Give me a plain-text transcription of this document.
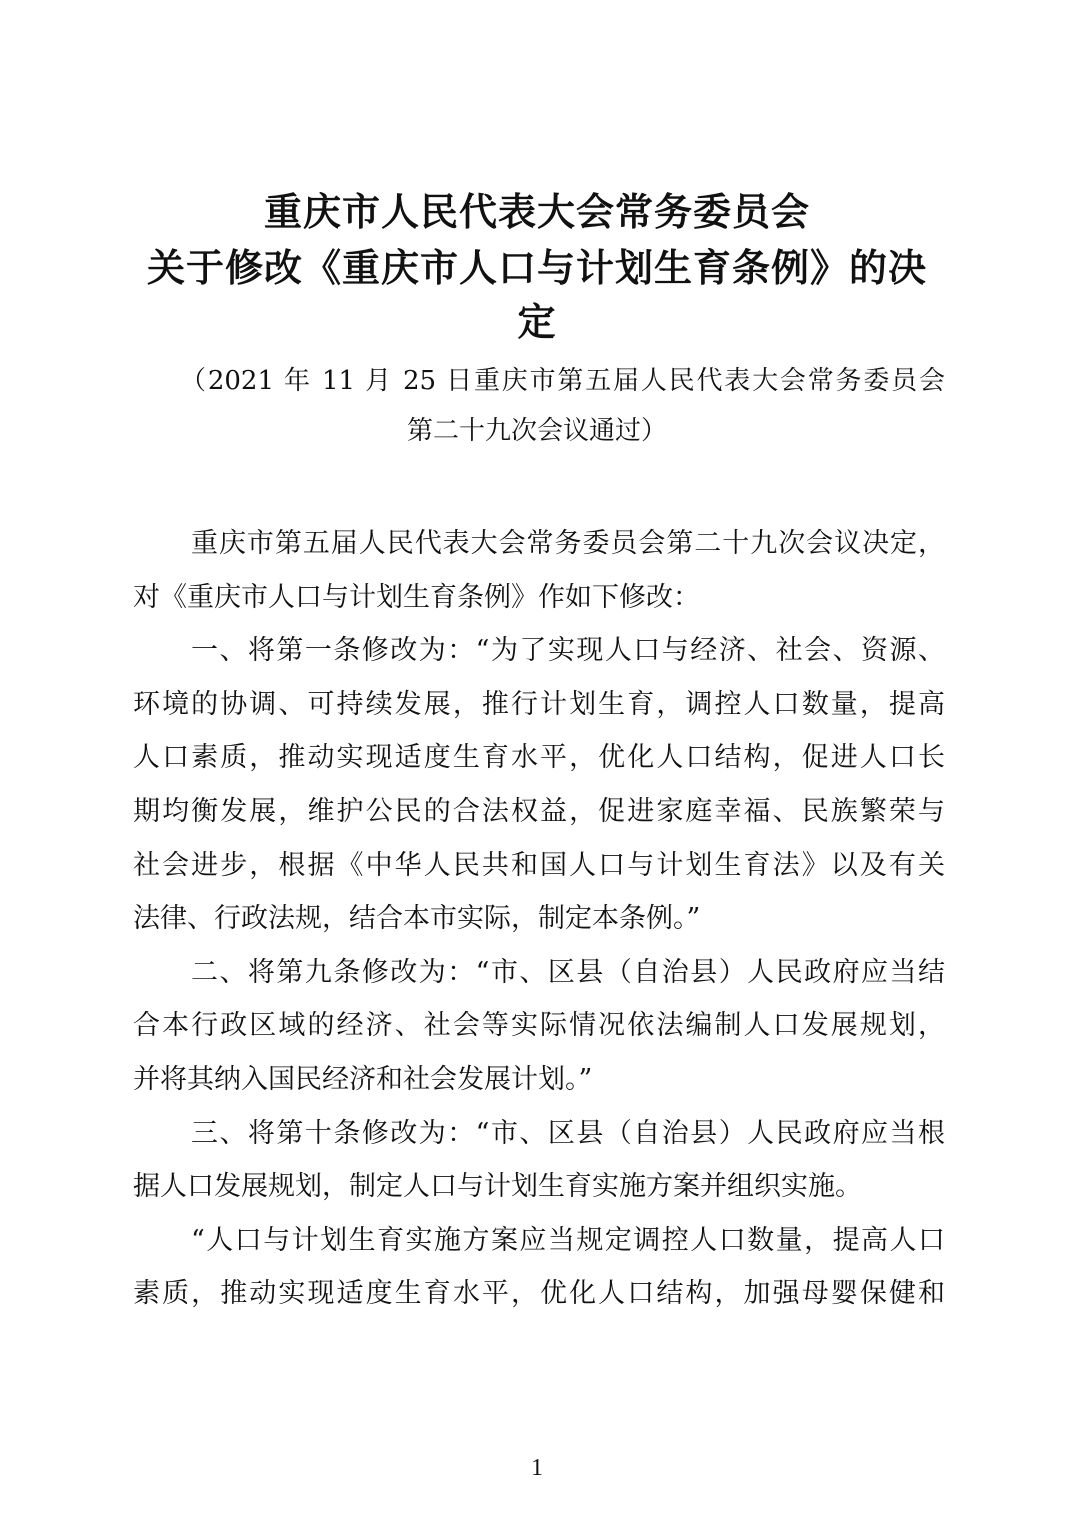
重庆市人民代表大会常务委员会
关于修改《重庆市人口与计划生育条例》的决
定
（2021 年 11 月 25 日重庆市第五届人民代表大会常务委员会
第二十九次会议通过）
重庆市第五届人民代表大会常务委员会第二十九次会议决定，
对《重庆市人口与计划生育条例》作如下修改：
一、将第一条修改为：“为了实现人口与经济、社会、资源、
环境的协调、可持续发展，推行计划生育，调控人口数量，提高
人口素质，推动实现适度生育水平，优化人口结构，促进人口长
期均衡发展，维护公民的合法权益，促进家庭幸福、民族繁荣与
社会进步，根据《中华人民共和国人口与计划生育法》以及有关
法律、行政法规，结合本市实际，制定本条例。”
二、将第九条修改为：“市、区县（自治县）人民政府应当结
合本行政区域的经济、社会等实际情况依法编制人口发展规划，
并将其纳入国民经济和社会发展计划。”
三、将第十条修改为：“市、区县（自治县）人民政府应当根
据人口发展规划，制定人口与计划生育实施方案并组织实施。
“人口与计划生育实施方案应当规定调控人口数量，提高人口
素质，推动实现适度生育水平，优化人口结构，加强母婴保健和
1
